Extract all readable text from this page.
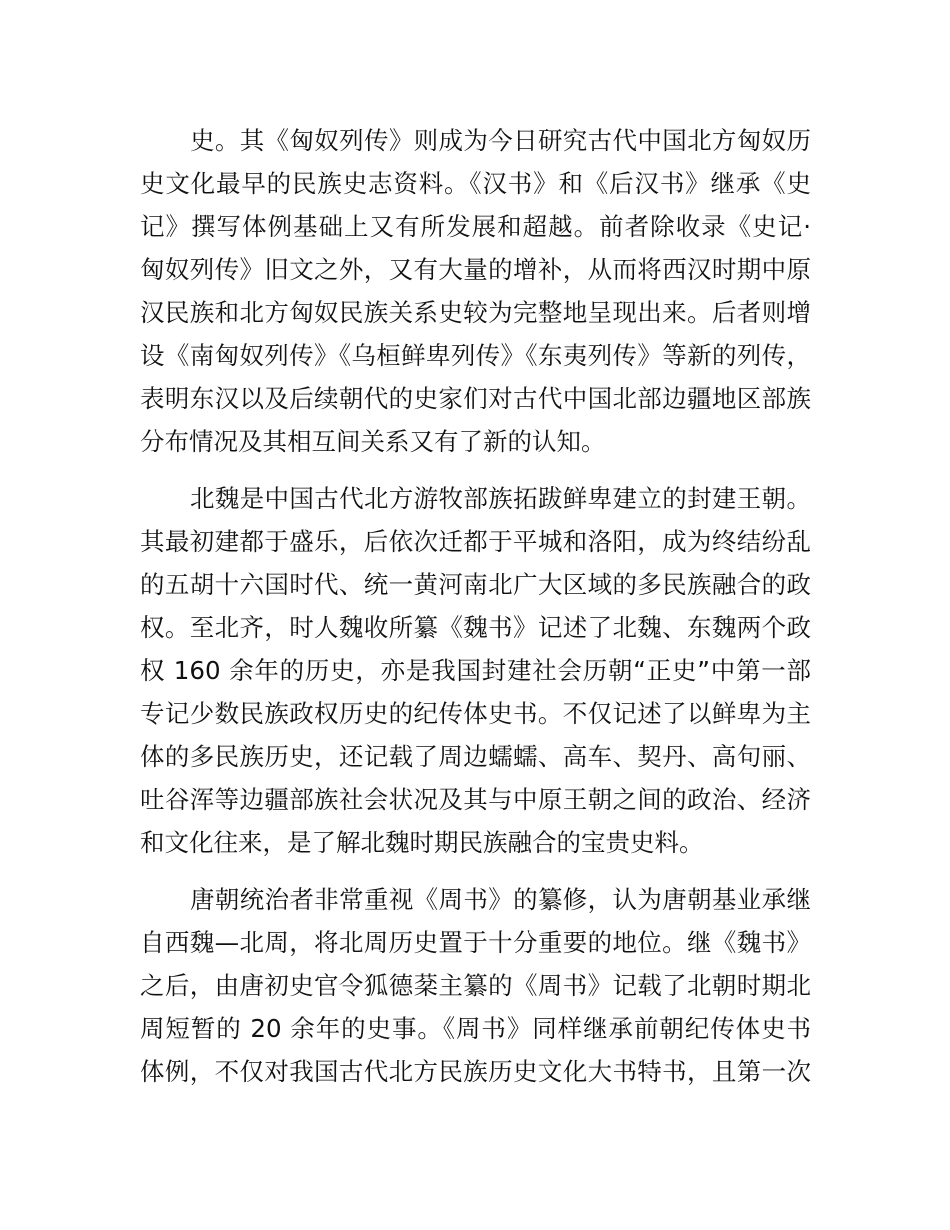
史。其《匈奴列传》则成为今日研究古代中国北方匈奴历
史文化最早的民族史志资料。《汉书》和《后汉书》继承《史
记》撰写体例基础上又有所发展和超越。前者除收录《史记·
匈奴列传》旧文之外，又有大量的增补，从而将西汉时期中原
汉民族和北方匈奴民族关系史较为完整地呈现出来。后者则增
设《南匈奴列传》《乌桓鲜卑列传》《东夷列传》等新的列传，
表明东汉以及后续朝代的史家们对古代中国北部边疆地区部族
分布情况及其相互间关系又有了新的认知。
北魏是中国古代北方游牧部族拓跋鲜卑建立的封建王朝。
其最初建都于盛乐，后依次迁都于平城和洛阳，成为终结纷乱
的五胡十六国时代、统一黄河南北广大区域的多民族融合的政
权。至北齐，时人魏收所纂《魏书》记述了北魏、东魏两个政
权 160 余年的历史，亦是我国封建社会历朝“正史”中第一部
专记少数民族政权历史的纪传体史书。不仅记述了以鲜卑为主
体的多民族历史，还记载了周边蠕蠕、高车、契丹、高句丽、
吐谷浑等边疆部族社会状况及其与中原王朝之间的政治、经济
和文化往来，是了解北魏时期民族融合的宝贵史料。
唐朝统治者非常重视《周书》的纂修，认为唐朝基业承继
自西魏—北周，将北周历史置于十分重要的地位。继《魏书》
之后，由唐初史官令狐德棻主纂的《周书》记载了北朝时期北
周短暂的 20 余年的史事。《周书》同样继承前朝纪传体史书
体例，不仅对我国古代北方民族历史文化大书特书，且第一次
